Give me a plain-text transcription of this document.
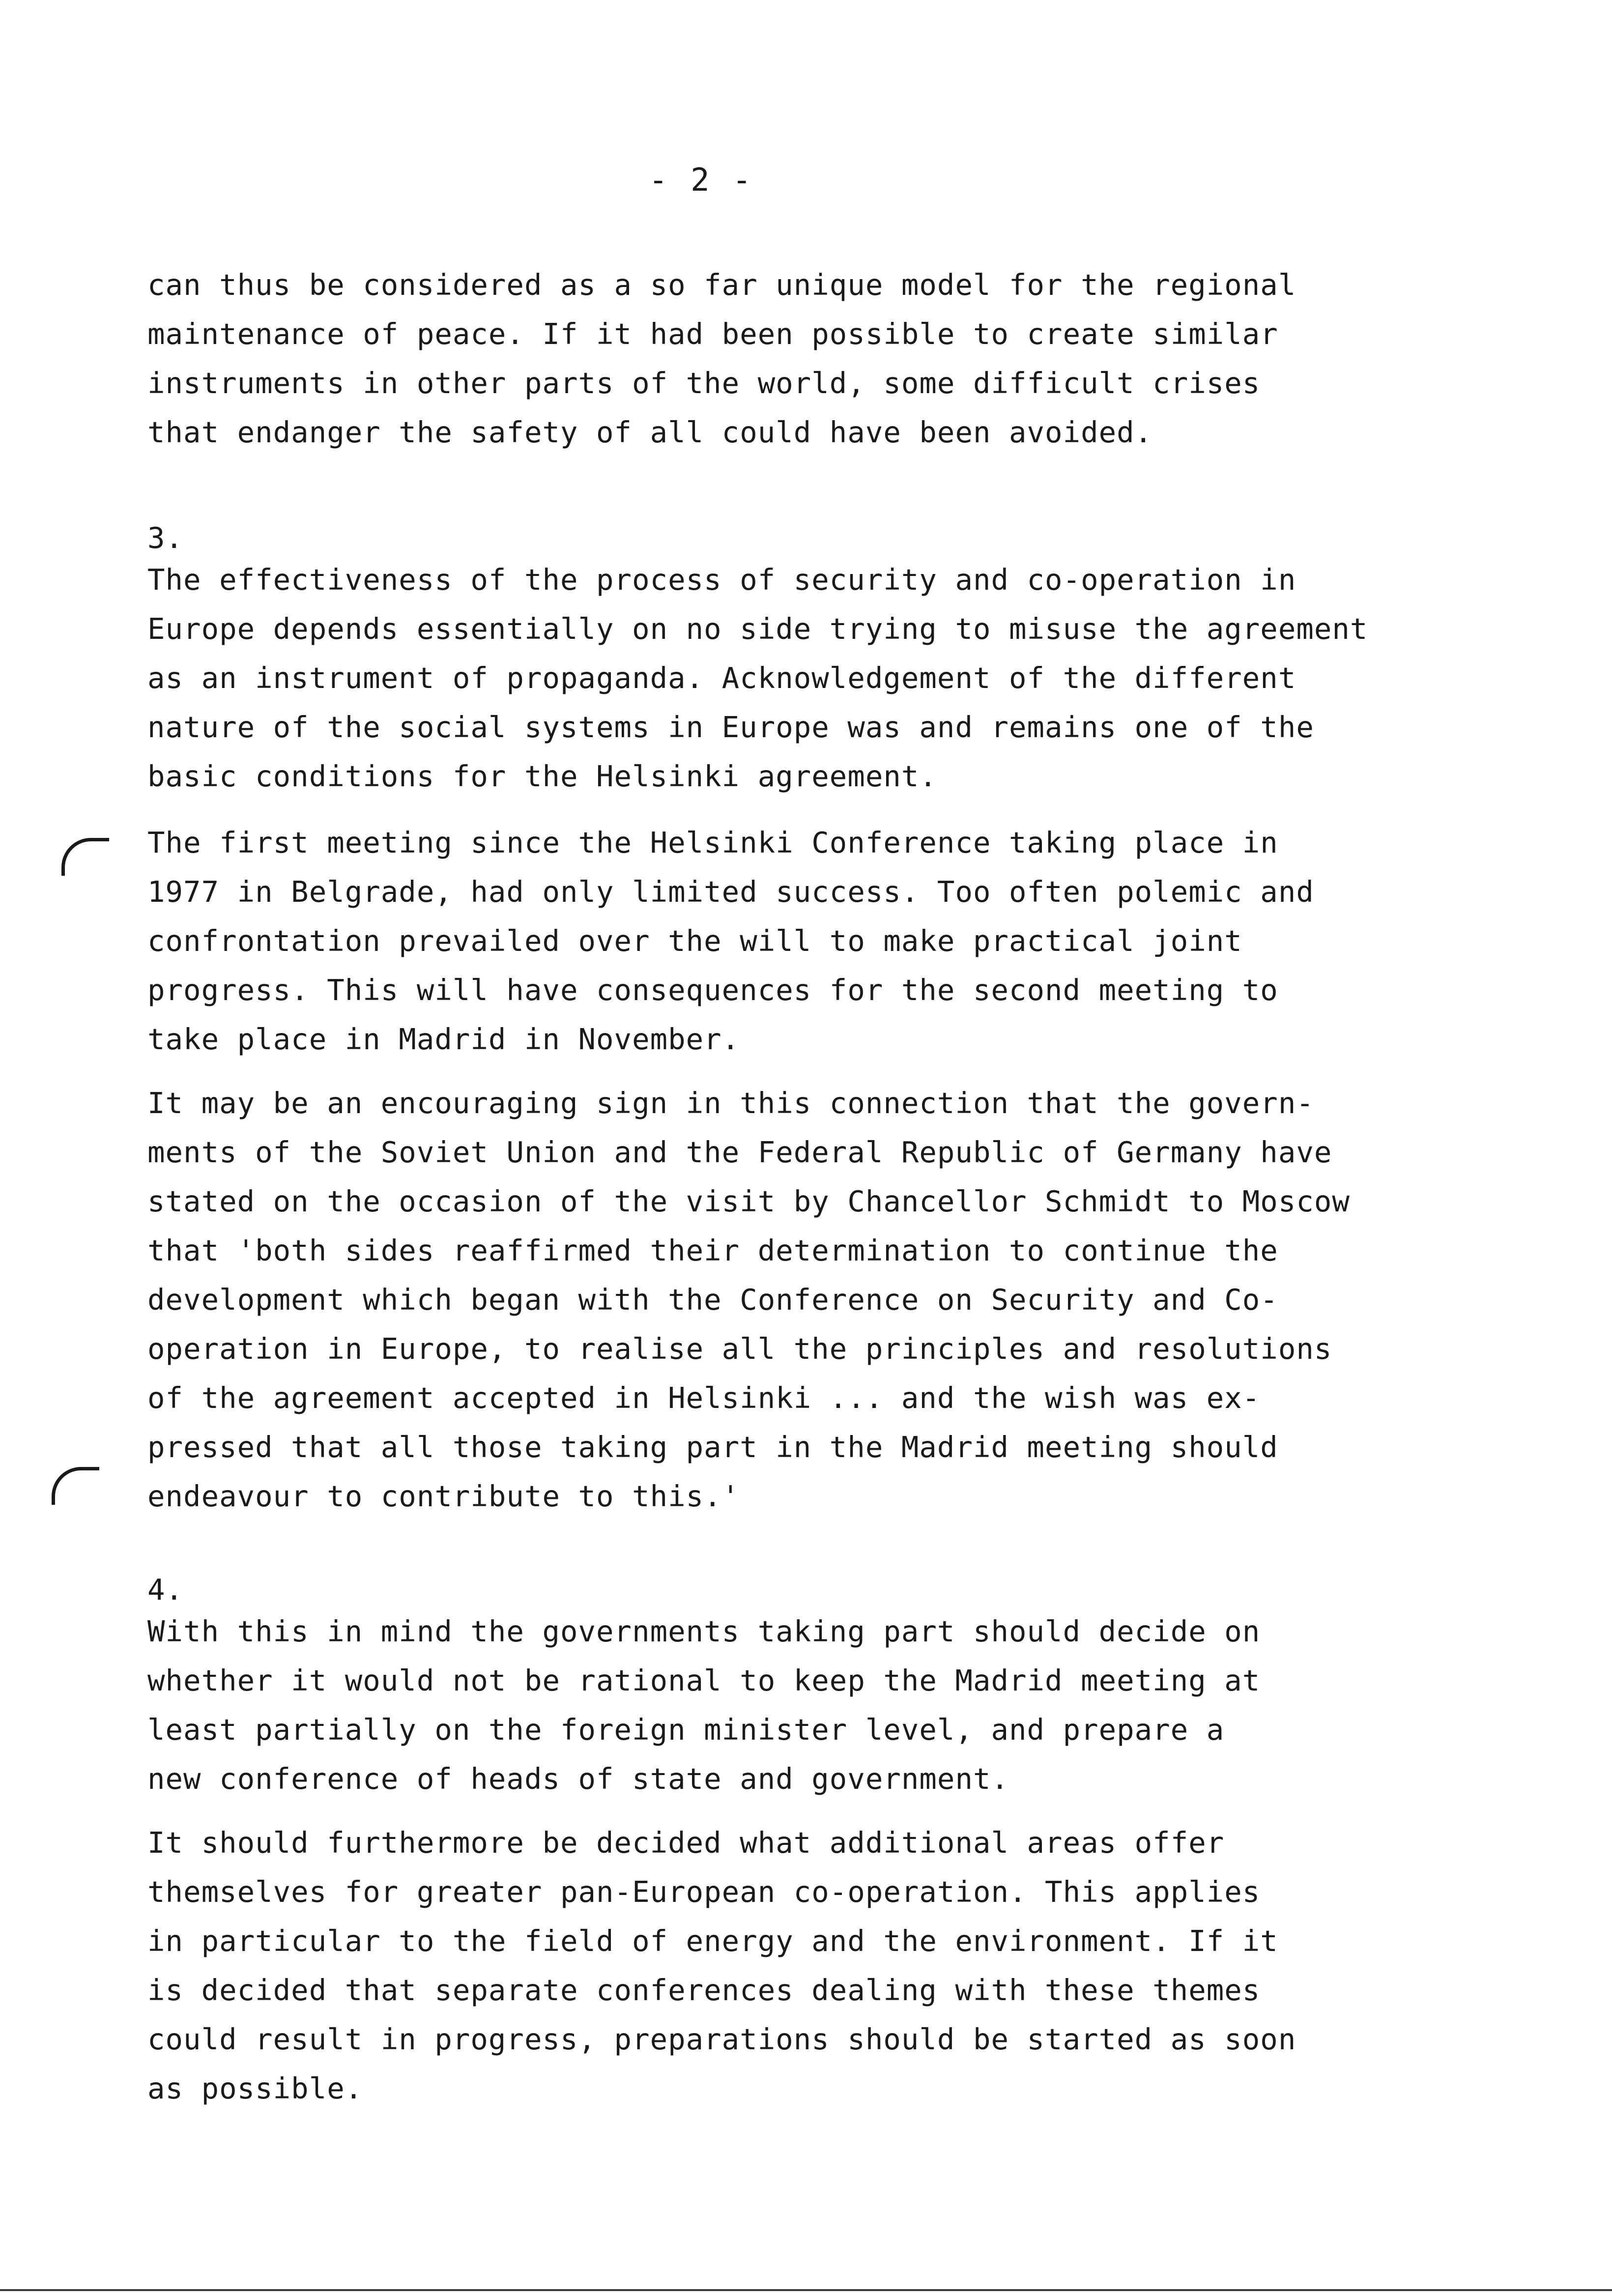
- 2 -
can thus be considered as a so far unique model for the regional
maintenance of peace. If it had been possible to create similar
instruments in other parts of the world, some difficult crises
that endanger the safety of all could have been avoided.
3.
The effectiveness of the process of security and co-operation in
Europe depends essentially on no side trying to misuse the agreement
as an instrument of propaganda. Acknowledgement of the different
nature of the social systems in Europe was and remains one of the
basic conditions for the Helsinki agreement.
The first meeting since the Helsinki Conference taking place in
1977 in Belgrade, had only limited success. Too often polemic and
confrontation prevailed over the will to make practical joint
progress. This will have consequences for the second meeting to
take place in Madrid in November.
It may be an encouraging sign in this connection that the govern-
ments of the Soviet Union and the Federal Republic of Germany have
stated on the occasion of the visit by Chancellor Schmidt to Moscow
that 'both sides reaffirmed their determination to continue the
development which began with the Conference on Security and Co-
operation in Europe, to realise all the principles and resolutions
of the agreement accepted in Helsinki ... and the wish was ex-
pressed that all those taking part in the Madrid meeting should
endeavour to contribute to this.'
4.
With this in mind the governments taking part should decide on
whether it would not be rational to keep the Madrid meeting at
least partially on the foreign minister level, and prepare a
new conference of heads of state and government.
It should furthermore be decided what additional areas offer
themselves for greater pan-European co-operation. This applies
in particular to the field of energy and the environment. If it
is decided that separate conferences dealing with these themes
could result in progress, preparations should be started as soon
as possible.
